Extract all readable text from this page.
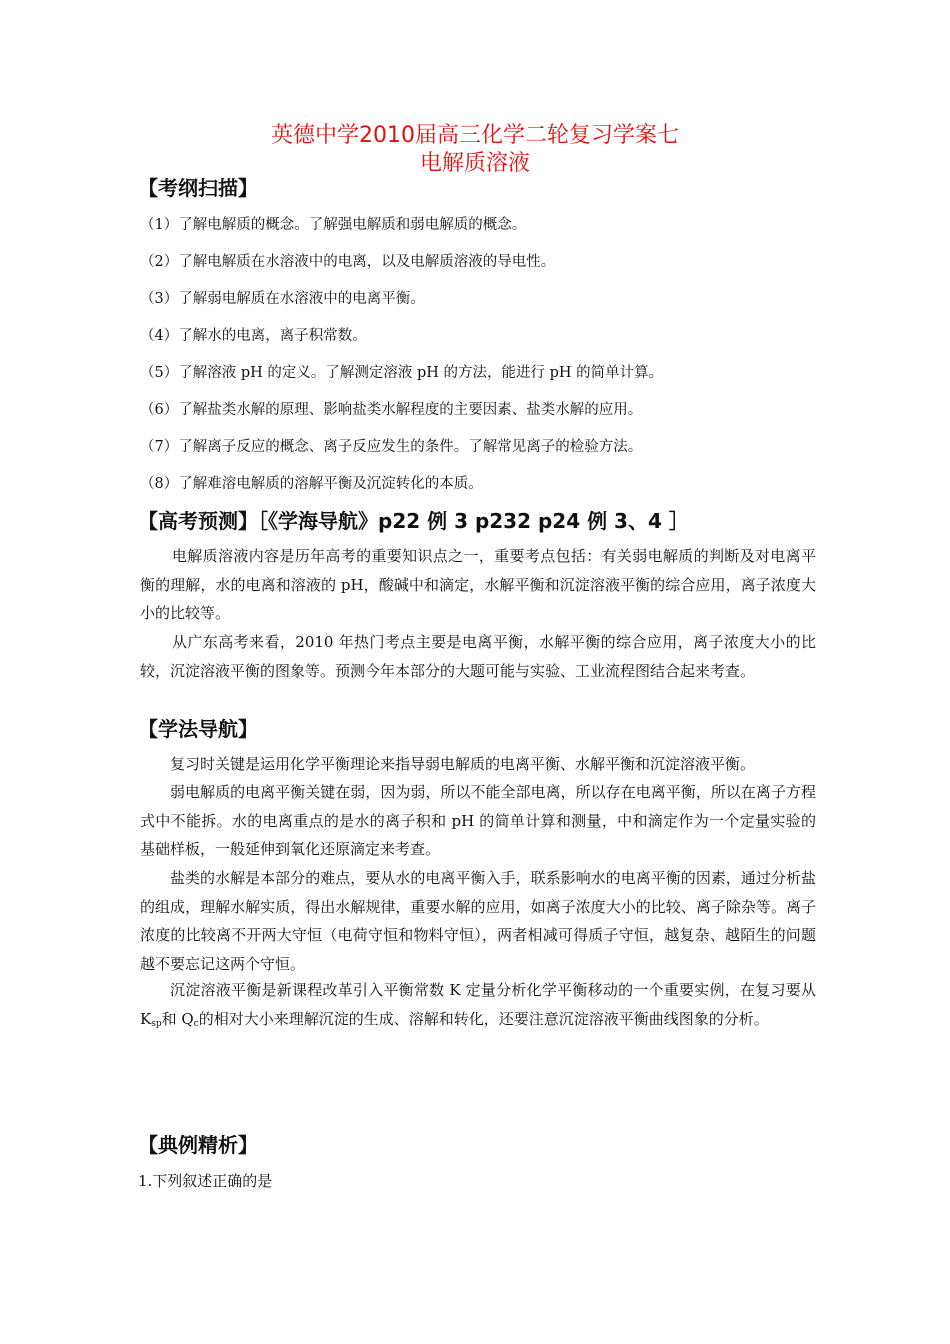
英德中学2010届高三化学二轮复习学案七
电解质溶液
【考纲扫描】
（1）了解电解质的概念。了解强电解质和弱电解质的概念。
（2）了解电解质在水溶液中的电离，以及电解质溶液的导电性。
（3）了解弱电解质在水溶液中的电离平衡。
（4）了解水的电离，离子积常数。
（5）了解溶液 pH 的定义。了解测定溶液 pH 的方法，能进行 pH 的简单计算。
（6）了解盐类水解的原理、影响盐类水解程度的主要因素、盐类水解的应用。
（7）了解离子反应的概念、离子反应发生的条件。了解常见离子的检验方法。
（8）了解难溶电解质的溶解平衡及沉淀转化的本质。
【高考预测】［《学海导航》p22 例 3 p232 p24 例 3、4 ］

电解质溶液内容是历年高考的重要知识点之一，重要考点包括：有关弱电解质的判断及对电离平衡的理解，水的电离和溶液的 pH，酸碱中和滴定，水解平衡和沉淀溶液平衡的综合应用，离子浓度大小的比较等。

从广东高考来看，2010 年热门考点主要是电离平衡，水解平衡的综合应用，离子浓度大小的比较，沉淀溶液平衡的图象等。预测今年本部分的大题可能与实验、工业流程图结合起来考查。

【学法导航】

复习时关键是运用化学平衡理论来指导弱电解质的电离平衡、水解平衡和沉淀溶液平衡。

弱电解质的电离平衡关键在弱，因为弱，所以不能全部电离，所以存在电离平衡，所以在离子方程式中不能拆。水的电离重点的是水的离子积和 pH 的简单计算和测量，中和滴定作为一个定量实验的基础样板，一般延伸到氧化还原滴定来考查。

盐类的水解是本部分的难点，要从水的电离平衡入手，联系影响水的电离平衡的因素，通过分析盐的组成，理解水解实质，得出水解规律，重要水解的应用，如离子浓度大小的比较、离子除杂等。离子浓度的比较离不开两大守恒（电荷守恒和物料守恒），两者相减可得质子守恒，越复杂、越陌生的问题越不要忘记这两个守恒。

沉淀溶液平衡是新课程改革引入平衡常数 K 定量分析化学平衡移动的一个重要实例，在复习要从 $K_{sp}$和 $Q_c$的相对大小来理解沉淀的生成、溶解和转化，还要注意沉淀溶液平衡曲线图象的分析。

【典例精析】
1.下列叙述正确的是
